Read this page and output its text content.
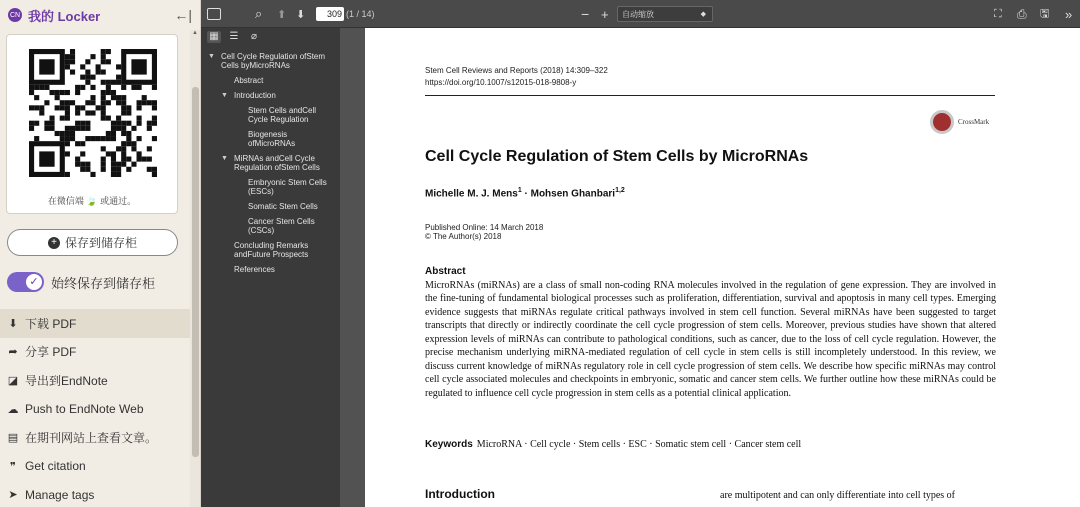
CN 我的 Locker	←|
在微信端 🍃 或通过。
+ 保存到储存柜
✓ 始终保存到储存柜
⬇ 下载 PDF
➦ 分享 PDF
◪ 导出到EndNote
☁ Push to EndNote Web
▤ 在期刊网站上查看文章。
❞ Get citation
➤ Manage tags
▲
⌕ ⬆ ⬇
309	(1 / 14)	− + 自动缩放	◆	⛶ ⎙ 🖫 »
▦ ☰	⌀
▼ Cell Cycle Regulation ofStem Cells byMicroRNAs
Abstract
▼ Introduction
Stem Cells andCell Cycle Regulation
Biogenesis ofMicroRNAs
▼ MiRNAs andCell Cycle Regulation ofStem Cells
Embryonic Stem Cells (ESCs)
Somatic Stem Cells
Cancer Stem Cells (CSCs)
Concluding Remarks andFuture Prospects
References
Stem Cell Reviews and Reports (2018) 14:309–322
https://doi.org/10.1007/s12015-018-9808-y
CrossMark
Cell Cycle Regulation of Stem Cells by MicroRNAs
Michelle M. J. Mens$^1$ · Mohsen Ghanbari$^{1,2}$
Published Online: 14 March 2018
© The Author(s) 2018
Abstract
MicroRNAs (miRNAs) are a class of small non-coding RNA molecules involved in the regulation of gene expression. They are involved in the fine-tuning of fundamental biological processes such as proliferation, differentiation, survival and apoptosis in many cell types. Emerging evidence suggests that miRNAs regulate critical pathways involved in stem cell function. Several miRNAs have been suggested to target transcripts that directly or indirectly coordinate the cell cycle progression of stem cells. Moreover, previous studies have shown that altered expression levels of miRNAs can contribute to pathological conditions, such as cancer, due to the loss of cell cycle regulation. However, the precise mechanism underlying miRNA-mediated regulation of cell cycle in stem cells is still incompletely understood. In this review, we discuss current knowledge of miRNAs regulatory role in cell cycle progression of stem cells. We describe how specific miRNAs may control cell cycle associated molecules and checkpoints in embryonic, somatic and cancer stem cells. We further outline how these miRNAs could be regulated to influence cell cycle progression in stem cells as a potential clinical application.
Keywords MicroRNA · Cell cycle · Stem cells · ESC · Somatic stem cell · Cancer stem cell
Introduction	are multipotent and can only differentiate into cell types of
